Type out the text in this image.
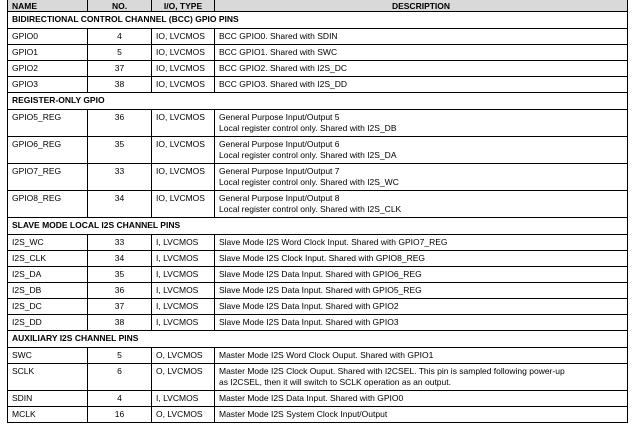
NAME	NO.	I/O, TYPE	DESCRIPTION
BIDIRECTIONAL CONTROL CHANNEL (BCC) GPIO PINS			
GPIO0	4	IO, LVCMOS	BCC GPIO0. Shared with SDIN

GPIO1	5	IO, LVCMOS	BCC GPIO1. Shared with SWC

GPIO2	37	IO, LVCMOS	BCC GPIO2. Shared with I2S_DC

GPIO3	38	IO, LVCMOS	BCC GPIO3. Shared with I2S_DD

REGISTER-ONLY GPIO			
GPIO5_REG	36	IO, LVCMOS	General Purpose Input/Output 5
Local register control only. Shared with I2S_DB

GPIO6_REG	35	IO, LVCMOS	General Purpose Input/Output 6
Local register control only. Shared with I2S_DA

GPIO7_REG	33	IO, LVCMOS	General Purpose Input/Output 7
Local register control only. Shared with I2S_WC

GPIO8_REG	34	IO, LVCMOS	General Purpose Input/Output 8
Local register control only. Shared with I2S_CLK

SLAVE MODE LOCAL I2S CHANNEL PINS			
I2S_WC	33	I, LVCMOS	Slave Mode I2S Word Clock Input. Shared with GPIO7_REG

I2S_CLK	34	I, LVCMOS	Slave Mode I2S Clock Input. Shared with GPIO8_REG

I2S_DA	35	I, LVCMOS	Slave Mode I2S Data Input. Shared with GPIO6_REG

I2S_DB	36	I, LVCMOS	Slave Mode I2S Data Input. Shared with GPIO5_REG

I2S_DC	37	I, LVCMOS	Slave Mode I2S Data Input. Shared with GPIO2

I2S_DD	38	I, LVCMOS	Slave Mode I2S Data Input. Shared with GPIO3

AUXILIARY I2S CHANNEL PINS			
SWC	5	O, LVCMOS	Master Mode I2S Word Clock Ouput. Shared with GPIO1

SCLK	6	O, LVCMOS	Master Mode I2S Clock Ouput. Shared with I2CSEL. This pin is sampled following power-up
as I2CSEL, then it will switch to SCLK operation as an output.

SDIN	4	I, LVCMOS	Master Mode I2S Data Input. Shared with GPIO0

MCLK	16	O, LVCMOS	Master Mode I2S System Clock Input/Output
